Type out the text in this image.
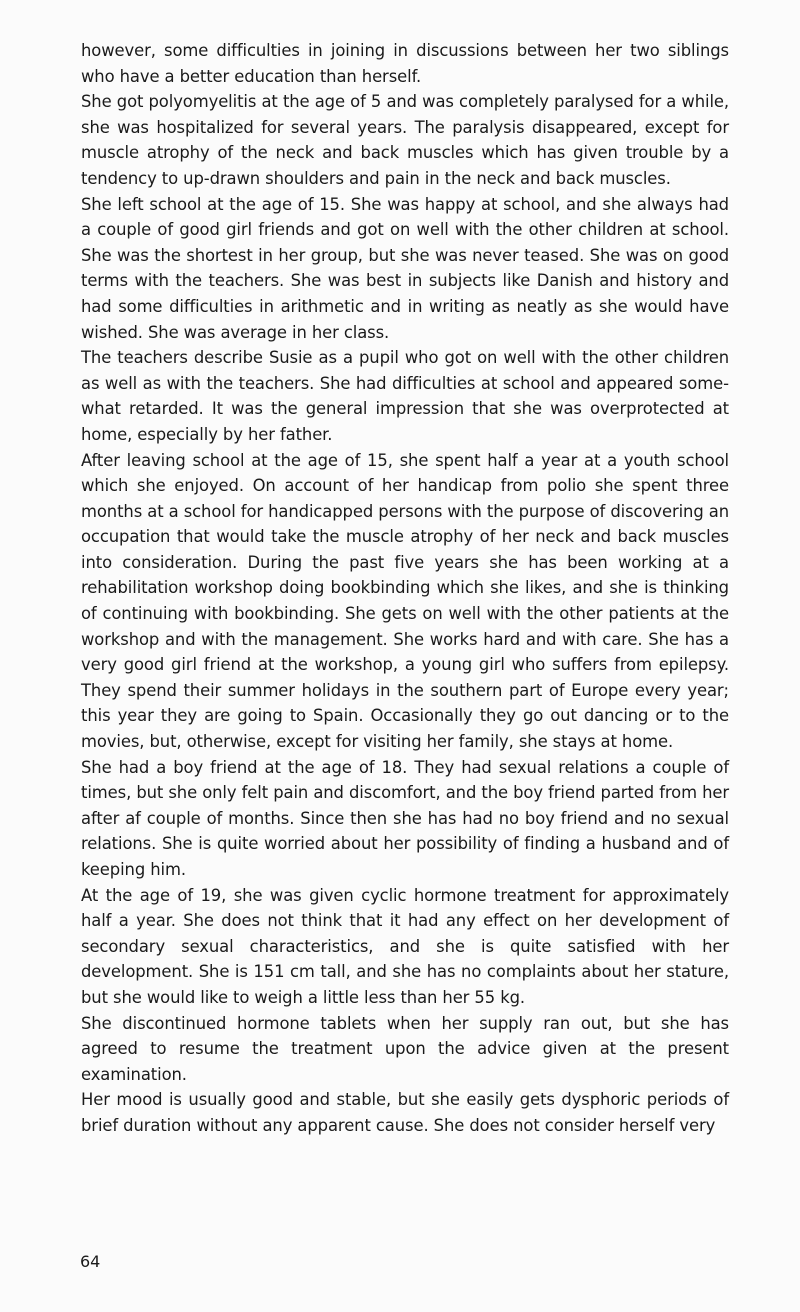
however, some difficulties in joining in discussions between her two siblings who have a better education than herself.

She got polyomyelitis at the age of 5 and was completely paralysed for a while, she was hospitalized for several years. The paralysis disappeared, except for muscle atrophy of the neck and back muscles which has given trouble by a tendency to up-drawn shoulders and pain in the neck and back muscles.

She left school at the age of 15. She was happy at school, and she always had a couple of good girl friends and got on well with the other children at school. She was the shortest in her group, but she was never teased. She was on good terms with the teachers. She was best in subjects like Danish and history and had some difficulties in arithmetic and in writing as neatly as she would have wished. She was average in her class.

The teachers describe Susie as a pupil who got on well with the other children as well as with the teachers. She had difficulties at school and appeared somewhat retarded. It was the general impression that she was overprotected at home, especially by her father.

After leaving school at the age of 15, she spent half a year at a youth school which she enjoyed. On account of her handicap from polio she spent three months at a school for handicapped persons with the purpose of discovering an occupation that would take the muscle atrophy of her neck and back muscles into consideration. During the past five years she has been working at a rehabilitation workshop doing bookbinding which she likes, and she is thinking of continuing with bookbinding. She gets on well with the other patients at the workshop and with the management. She works hard and with care. She has a very good girl friend at the workshop, a young girl who suffers from epilepsy. They spend their summer holidays in the southern part of Europe every year; this year they are going to Spain. Occasionally they go out dancing or to the movies, but, otherwise, except for visiting her family, she stays at home.

She had a boy friend at the age of 18. They had sexual relations a couple of times, but she only felt pain and discomfort, and the boy friend parted from her after af couple of months. Since then she has had no boy friend and no sexual relations. She is quite worried about her possibility of finding a husband and of keeping him.

At the age of 19, she was given cyclic hormone treatment for approximately half a year. She does not think that it had any effect on her development of secondary sexual characteristics, and she is quite satisfied with her development. She is 151 cm tall, and she has no complaints about her stature, but she would like to weigh a little less than her 55 kg.

She discontinued hormone tablets when her supply ran out, but she has agreed to resume the treatment upon the advice given at the present examination.

Her mood is usually good and stable, but she easily gets dysphoric periods of brief duration without any apparent cause. She does not consider herself very

64
